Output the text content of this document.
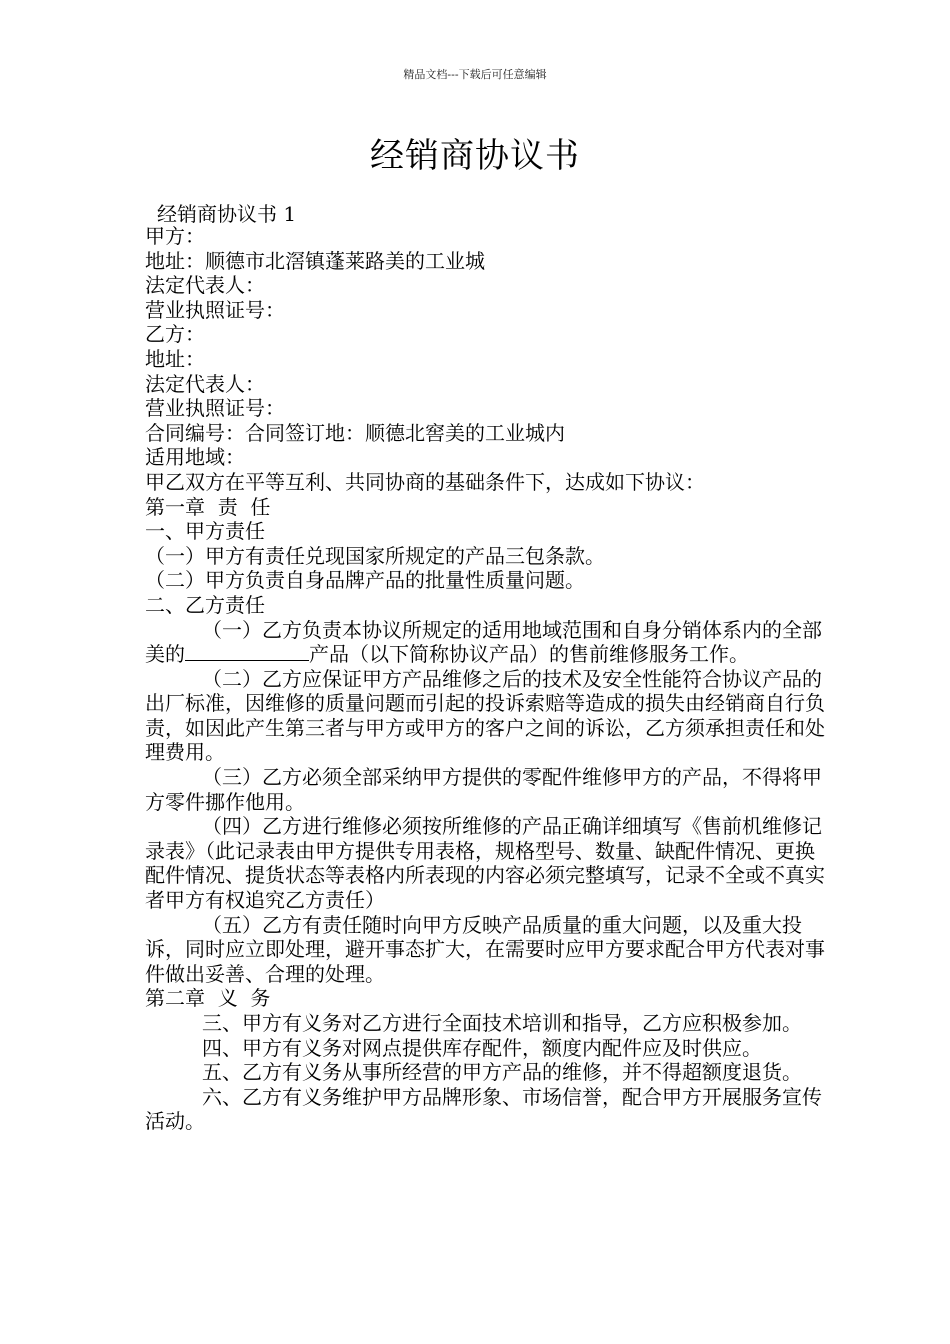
精品文档---下载后可任意编辑
经销商协议书
经销商协议书 1

甲方：

地址：顺德市北滘镇蓬莱路美的工业城

法定代表人：

营业执照证号：

乙方：

地址：

法定代表人：

营业执照证号：

合同编号：合同签订地：顺德北窖美的工业城内

适用地域：

甲乙双方在平等互利、共同协商的基础条件下，达成如下协议：

第一章  责  任

一、甲方责任

（一）甲方有责任兑现国家所规定的产品三包条款。

（二）甲方负责自身品牌产品的批量性质量问题。

二、乙方责任

（一）乙方负责本协议所规定的适用地域范围和自身分销体系内的全部美的	产品（以下简称协议产品）的售前维修服务工作。

（二）乙方应保证甲方产品维修之后的技术及安全性能符合协议产品的出厂标准，因维修的质量问题而引起的投诉索赔等造成的损失由经销商自行负责，如因此产生第三者与甲方或甲方的客户之间的诉讼，乙方须承担责任和处理费用。

（三）乙方必须全部采纳甲方提供的零配件维修甲方的产品，不得将甲方零件挪作他用。

（四）乙方进行维修必须按所维修的产品正确详细填写《售前机维修记录表》（此记录表由甲方提供专用表格，规格型号、数量、缺配件情况、更换配件情况、提货状态等表格内所表现的内容必须完整填写，记录不全或不真实者甲方有权追究乙方责任）

（五）乙方有责任随时向甲方反映产品质量的重大问题，以及重大投诉，同时应立即处理，避开事态扩大，在需要时应甲方要求配合甲方代表对事件做出妥善、合理的处理。

第二章  义  务

三、甲方有义务对乙方进行全面技术培训和指导，乙方应积极参加。

四、甲方有义务对网点提供库存配件，额度内配件应及时供应。

五、乙方有义务从事所经营的甲方产品的维修，并不得超额度退货。

六、乙方有义务维护甲方品牌形象、市场信誉，配合甲方开展服务宣传活动。
